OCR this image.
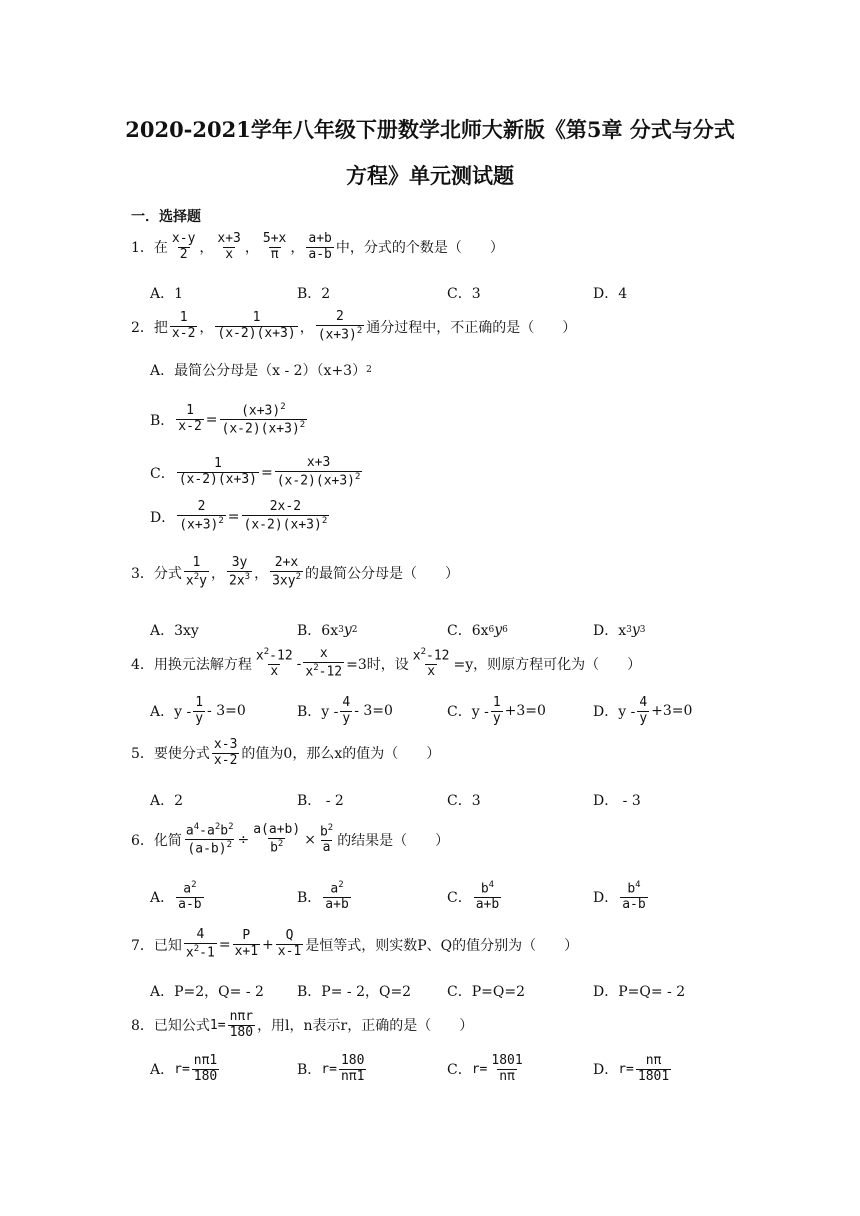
2020-2021学年八年级下册数学北师大新版《第5章 分式与分式
方程》单元测试题
一．选择题
1．在 $\frac{x-y}{2}$ ， $\frac{x+3}{x}$ ， $\frac{5+x}{\pi}$ ， $\frac{a+b}{a-b}$ 中，分式的个数是（　　）
A．1	B．2	C．3	D．4
2．把 $\frac{1}{x-2}$ ， $\frac{1}{(x-2)(x+3)}$ ， $\frac{2}{(x+3)^2}$ 通分过程中，不正确的是（　　）
A．最简公分母是（x - 2）（x+3） 2
B． $\frac{1}{x-2} = \frac{(x+3)^2}{(x-2)(x+3)^2}$
C． $\frac{1}{(x-2)(x+3)} = \frac{x+3}{(x-2)(x+3)^2}$
D． $\frac{2}{(x+3)^2} = \frac{2x-2}{(x-2)(x+3)^2}$
3．分式 $\frac{1}{x^2y}$ ， $\frac{3y}{2x^3}$ ， $\frac{2+x}{3xy^2}$ 的最简公分母是（　　）
A．3xy	B．6x 3 y 2	C．6x 6 y 6	D．x 3 y 3
4．用换元法解方程 $\frac{x^2-12}{x} - \frac{x}{x^2-12} =3$时，设 $\frac{x^2-12}{x} =y$，则原方程可化为（　　）
A．$y - \frac{1}{y} - 3=0$	B．$y - \frac{4}{y} - 3=0$	C．$y - \frac{1}{y} +3=0$	D．$y - \frac{4}{y} +3=0$
5．要使分式 $\frac{x-3}{x-2}$ 的值为0，那么x的值为（　　）
A．2	B． - 2	C．3	D． - 3
6．化简 $\frac{a^4-a^2b^2}{(a-b)^2} \div \frac{a(a+b)}{b^2} \times \frac{b^2}{a}$ 的结果是（　　）
A． $\frac{a^2}{a-b}$	B． $\frac{a^2}{a+b}$	C． $\frac{b^4}{a+b}$	D． $\frac{b^4}{a-b}$
7．已知 $\frac{4}{x^2-1} = \frac{P}{x+1} + \frac{Q}{x-1}$ 是恒等式，则实数P、Q的值分别为（　　）
A．P=2，Q= - 2 B．P= - 2，Q=2	C．P=Q=2	D．P=Q= - 2
8．已知公式 $1= \frac{\text{nπr}}{180}$ ，用l，n表示r，正确的是（　　）
A． $r= \frac{n\pi 1}{180}$	B． $r= \frac{180}{n\pi 1}$	C． $r= \frac{1801}{n\pi}$	D． $r= \frac{n\pi}{1801}$
